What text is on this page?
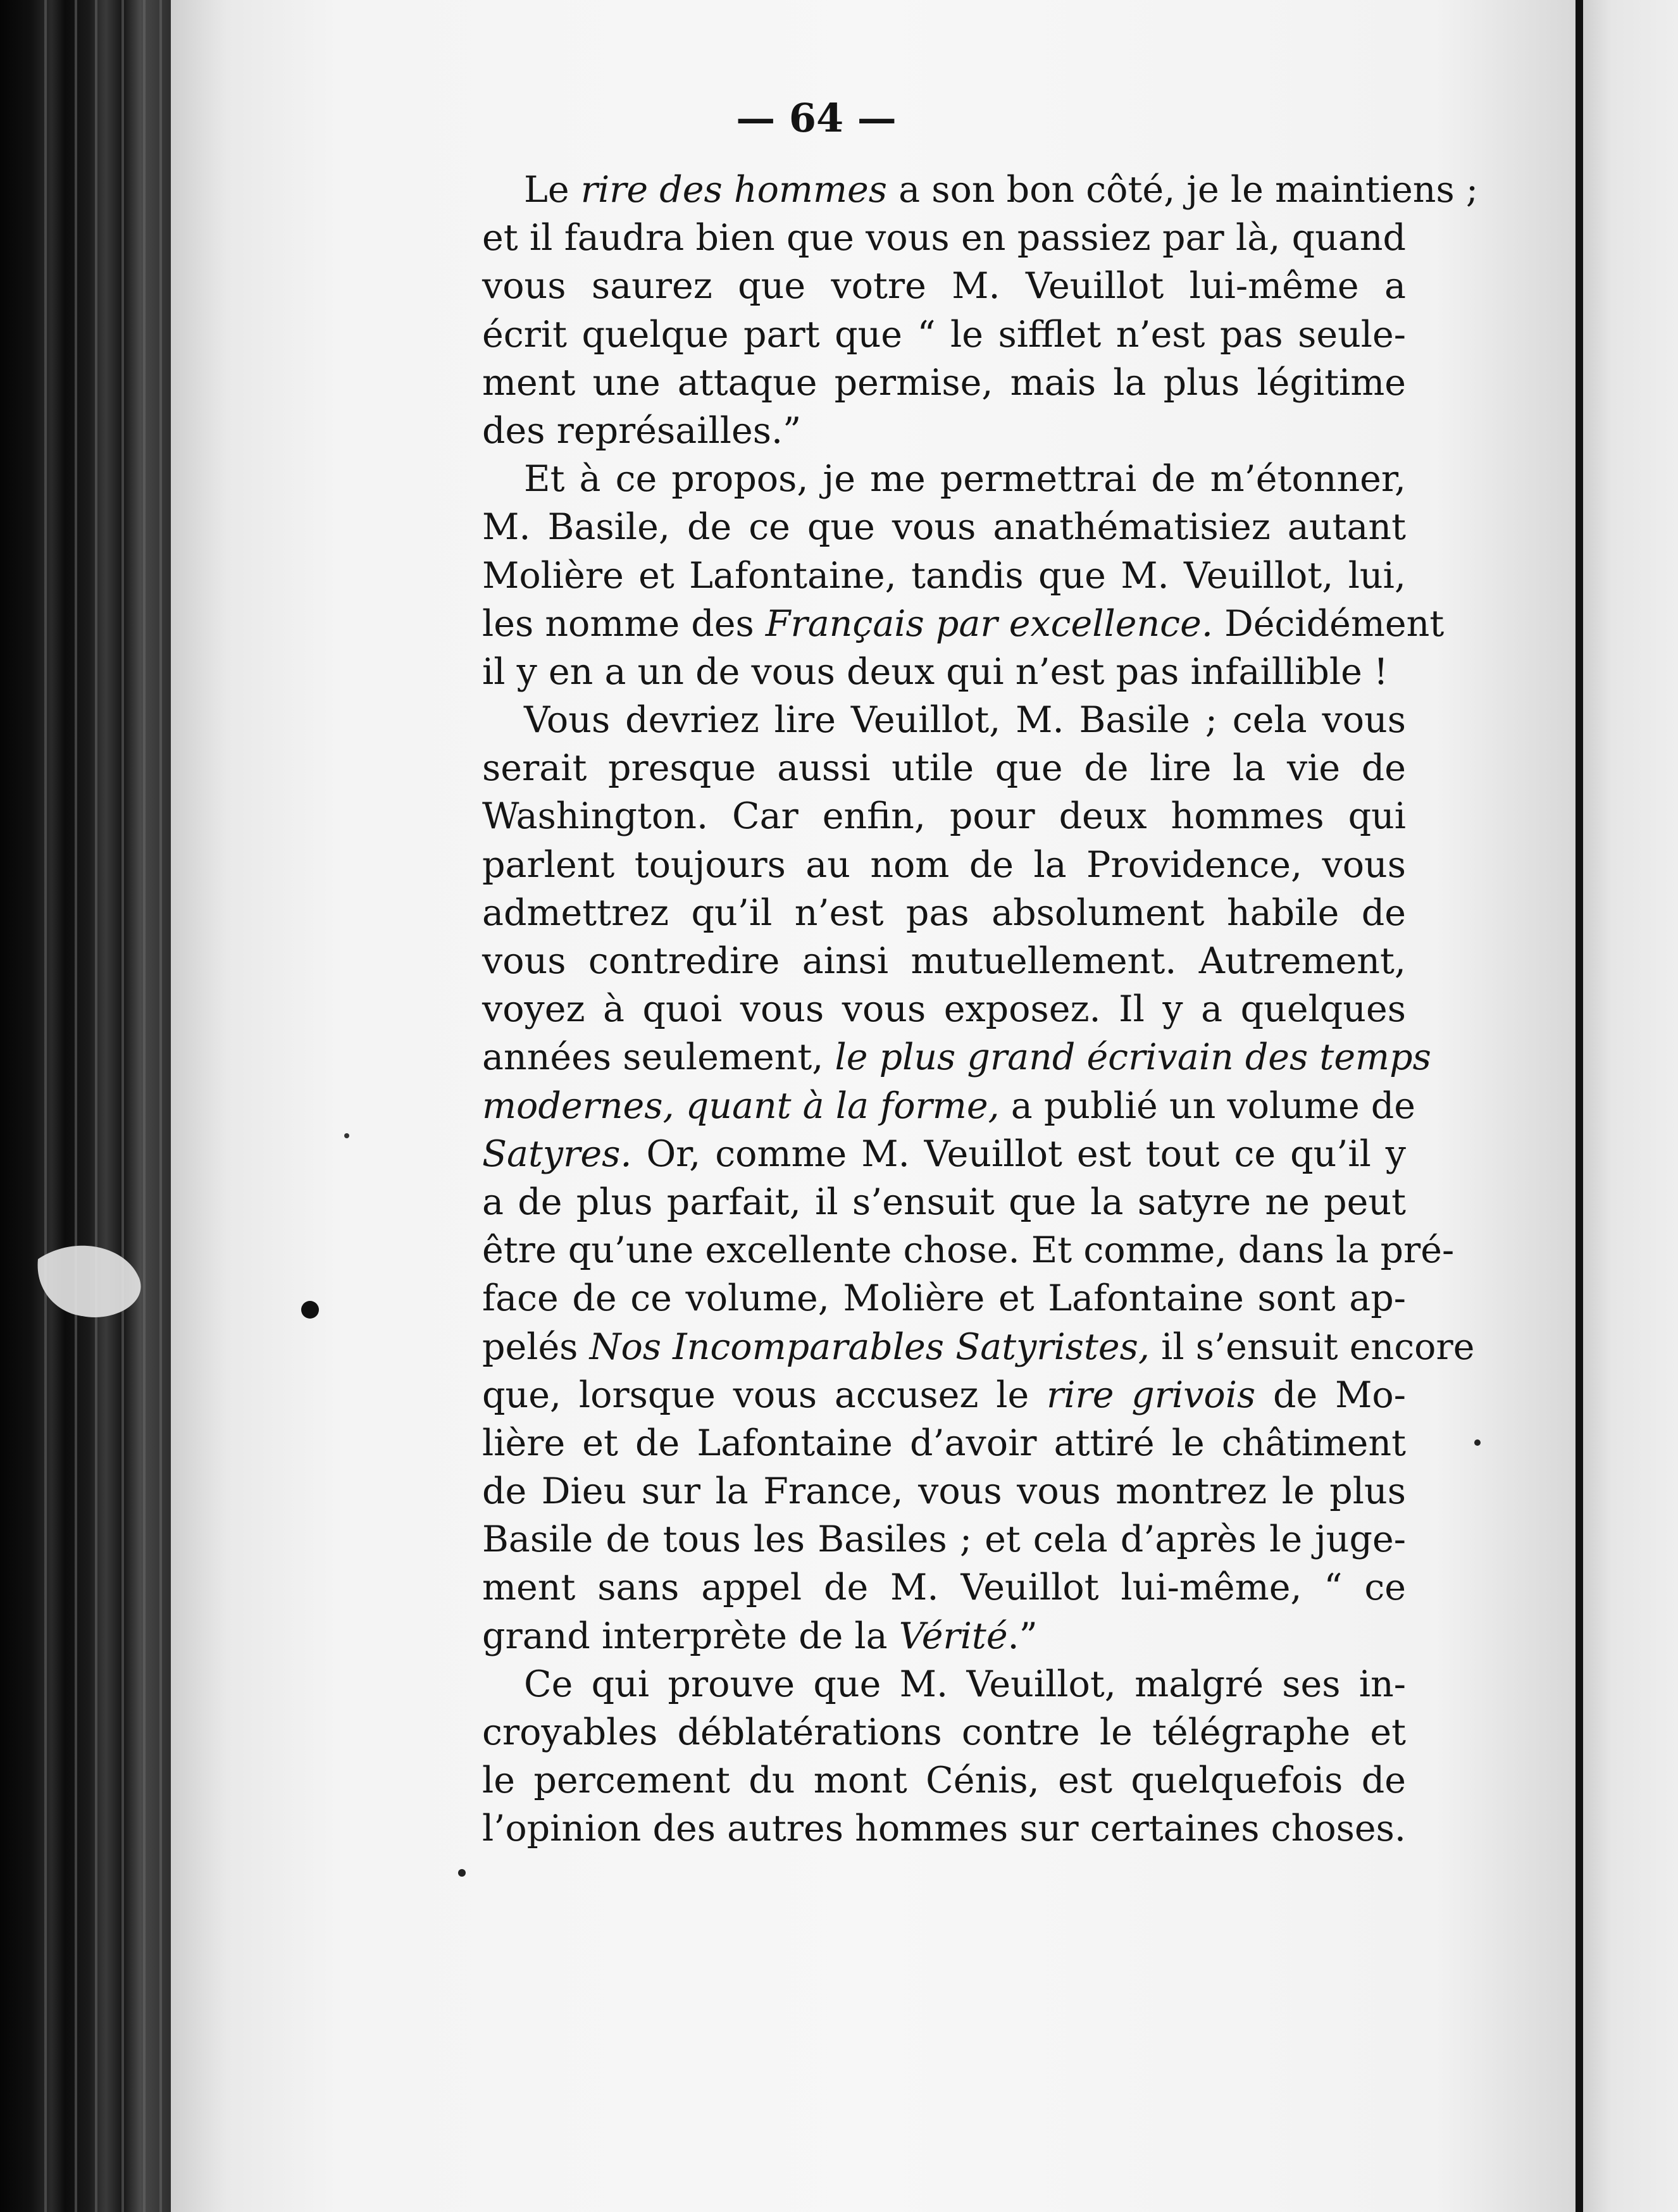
— 64 —
Le rire des hommes a son bon côté, je le maintiens ;
et il faudra bien que vous en passiez par là, quand
vous saurez que votre M. Veuillot lui-même a
écrit quelque part que “ le sifflet n’est pas seule-
ment une attaque permise, mais la plus légitime
des représailles.”
Et à ce propos, je me permettrai de m’étonner,
M. Basile, de ce que vous anathématisiez autant
Molière et Lafontaine, tandis que M. Veuillot, lui,
les nomme des Français par excellence. Décidément
il y en a un de vous deux qui n’est pas infaillible !
Vous devriez lire Veuillot, M. Basile ; cela vous
serait presque aussi utile que de lire la vie de
Washington. Car enfin, pour deux hommes qui
parlent toujours au nom de la Providence, vous
admettrez qu’il n’est pas absolument habile de
vous contredire ainsi mutuellement. Autrement,
voyez à quoi vous vous exposez. Il y a quelques
années seulement, le plus grand écrivain des temps
modernes, quant à la forme, a publié un volume de
Satyres. Or, comme M. Veuillot est tout ce qu’il y
a de plus parfait, il s’ensuit que la satyre ne peut
être qu’une excellente chose. Et comme, dans la pré-
face de ce volume, Molière et Lafontaine sont ap-
pelés Nos Incomparables Satyristes, il s’ensuit encore
que, lorsque vous accusez le rire grivois de Mo-
lière et de Lafontaine d’avoir attiré le châtiment
de Dieu sur la France, vous vous montrez le plus
Basile de tous les Basiles ; et cela d’après le juge-
ment sans appel de M. Veuillot lui-même, “ ce
grand interprète de la Vérité.”
Ce qui prouve que M. Veuillot, malgré ses in-
croyables déblatérations contre le télégraphe et
le percement du mont Cénis, est quelquefois de
l’opinion des autres hommes sur certaines choses.
